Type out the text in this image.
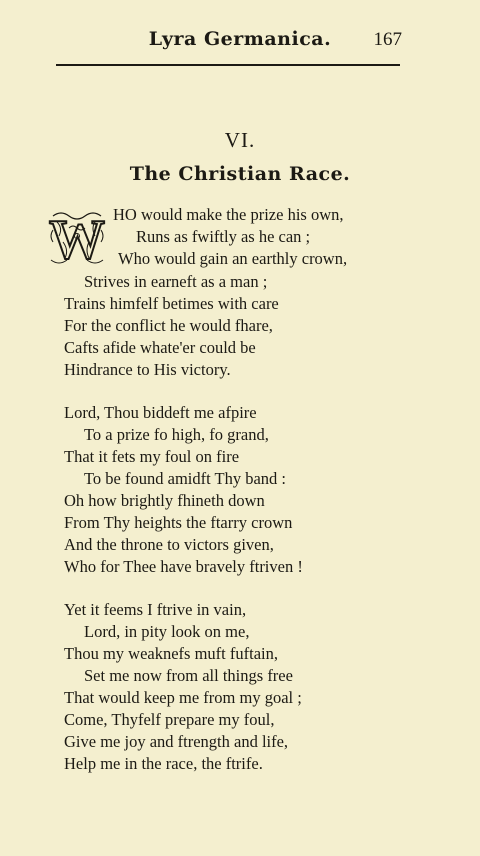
Lyra Germanica.	167
VI.
The Christian Race.
W HO would make the prize his own,
Runs as fwiftly as he can ;
Who would gain an earthly crown,
Strives in earneft as a man ;
Trains himfelf betimes with care
For the conflict he would fhare,
Cafts afide whate'er could be
Hindrance to His victory.
Lord, Thou biddeft me afpire
To a prize fo high, fo grand,
That it fets my foul on fire
To be found amidft Thy band :
Oh how brightly fhineth down
From Thy heights the ftarry crown
And the throne to victors given,
Who for Thee have bravely ftriven !
Yet it feems I ftrive in vain,
Lord, in pity look on me,
Thou my weaknefs muft fuftain,
Set me now from all things free
That would keep me from my goal ;
Come, Thyfelf prepare my foul,
Give me joy and ftrength and life,
Help me in the race, the ftrife.
